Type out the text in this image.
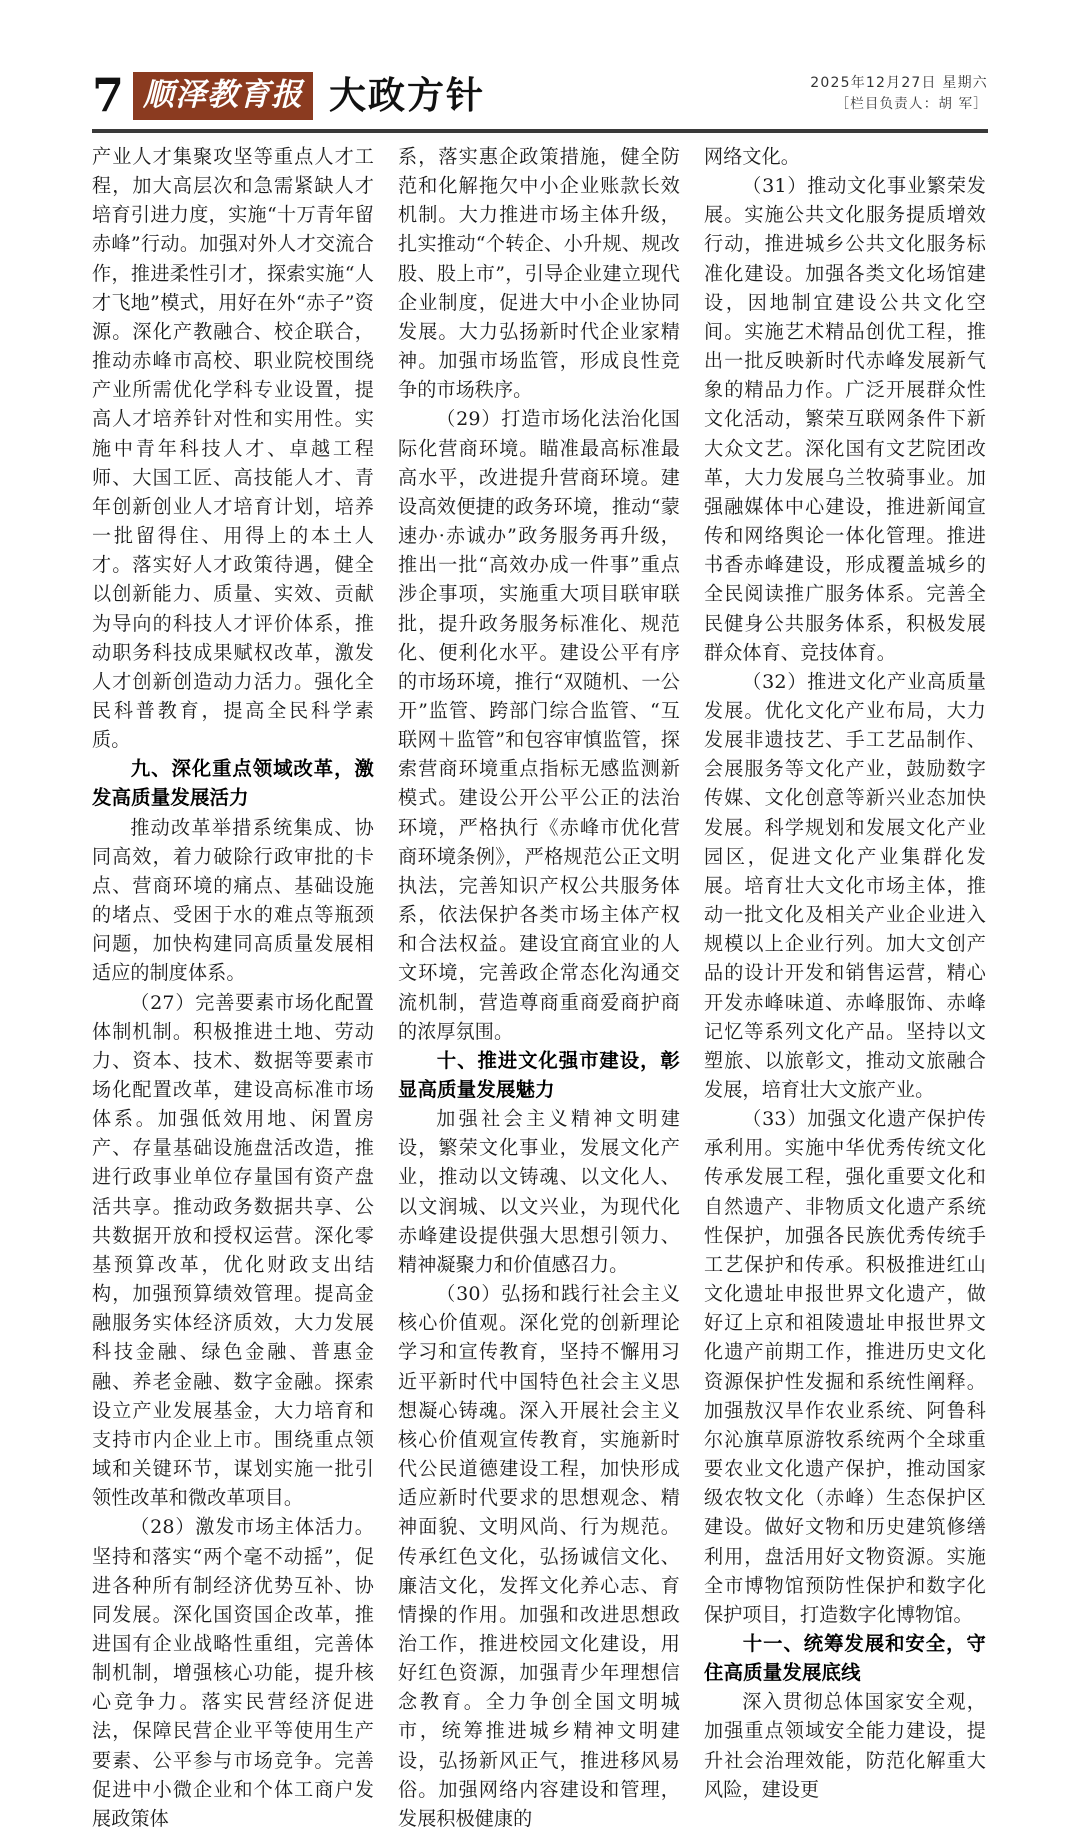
7 顺泽教育报 大政方针	2025年12月27日 星期六
［栏目负责人：胡 军］

产业人才集聚攻坚等重点人才工程，加大高层次和急需紧缺人才培育引进力度，实施“十万青年留赤峰”行动。加强对外人才交流合作，推进柔性引才，探索实施“人才飞地”模式，用好在外“赤子”资源。深化产教融合、校企联合，推动赤峰市高校、职业院校围绕产业所需优化学科专业设置，提高人才培养针对性和实用性。实施中青年科技人才、卓越工程师、大国工匠、高技能人才、青年创新创业人才培育计划，培养一批留得住、用得上的本土人才。落实好人才政策待遇，健全以创新能力、质量、实效、贡献为导向的科技人才评价体系，推动职务科技成果赋权改革，激发人才创新创造动力活力。强化全民科普教育，提高全民科学素质。

九、深化重点领域改革，激发高质量发展活力

推动改革举措系统集成、协同高效，着力破除行政审批的卡点、营商环境的痛点、基础设施的堵点、受困于水的难点等瓶颈问题，加快构建同高质量发展相适应的制度体系。

（27）完善要素市场化配置体制机制。积极推进土地、劳动力、资本、技术、数据等要素市场化配置改革，建设高标准市场体系。加强低效用地、闲置房产、存量基础设施盘活改造，推进行政事业单位存量国有资产盘活共享。推动政务数据共享、公共数据开放和授权运营。深化零基预算改革，优化财政支出结构，加强预算绩效管理。提高金融服务实体经济质效，大力发展科技金融、绿色金融、普惠金融、养老金融、数字金融。探索设立产业发展基金，大力培育和支持市内企业上市。围绕重点领域和关键环节，谋划实施一批引领性改革和微改革项目。

（28）激发市场主体活力。坚持和落实“两个毫不动摇”，促进各种所有制经济优势互补、协同发展。深化国资国企改革，推进国有企业战略性重组，完善体制机制，增强核心功能，提升核心竞争力。落实民营经济促进法，保障民营企业平等使用生产要素、公平参与市场竞争。完善促进中小微企业和个体工商户发展政策体

系，落实惠企政策措施，健全防范和化解拖欠中小企业账款长效机制。大力推进市场主体升级，扎实推动“个转企、小升规、规改股、股上市”，引导企业建立现代企业制度，促进大中小企业协同发展。大力弘扬新时代企业家精神。加强市场监管，形成良性竞争的市场秩序。

（29）打造市场化法治化国际化营商环境。瞄准最高标准最高水平，改进提升营商环境。建设高效便捷的政务环境，推动“蒙速办·赤诚办”政务服务再升级，推出一批“高效办成一件事”重点涉企事项，实施重大项目联审联批，提升政务服务标准化、规范化、便利化水平。建设公平有序的市场环境，推行“双随机、一公开”监管、跨部门综合监管、“互联网＋监管”和包容审慎监管，探索营商环境重点指标无感监测新模式。建设公开公平公正的法治环境，严格执行《赤峰市优化营商环境条例》，严格规范公正文明执法，完善知识产权公共服务体系，依法保护各类市场主体产权和合法权益。建设宜商宜业的人文环境，完善政企常态化沟通交流机制，营造尊商重商爱商护商的浓厚氛围。

十、推进文化强市建设，彰显高质量发展魅力

加强社会主义精神文明建设，繁荣文化事业，发展文化产业，推动以文铸魂、以文化人、以文润城、以文兴业，为现代化赤峰建设提供强大思想引领力、精神凝聚力和价值感召力。

（30）弘扬和践行社会主义核心价值观。深化党的创新理论学习和宣传教育，坚持不懈用习近平新时代中国特色社会主义思想凝心铸魂。深入开展社会主义核心价值观宣传教育，实施新时代公民道德建设工程，加快形成适应新时代要求的思想观念、精神面貌、文明风尚、行为规范。传承红色文化，弘扬诚信文化、廉洁文化，发挥文化养心志、育情操的作用。加强和改进思想政治工作，推进校园文化建设，用好红色资源，加强青少年理想信念教育。全力争创全国文明城市，统筹推进城乡精神文明建设，弘扬新风正气，推进移风易俗。加强网络内容建设和管理，发展积极健康的

网络文化。

（31）推动文化事业繁荣发展。实施公共文化服务提质增效行动，推进城乡公共文化服务标准化建设。加强各类文化场馆建设，因地制宜建设公共文化空间。实施艺术精品创优工程，推出一批反映新时代赤峰发展新气象的精品力作。广泛开展群众性文化活动，繁荣互联网条件下新大众文艺。深化国有文艺院团改革，大力发展乌兰牧骑事业。加强融媒体中心建设，推进新闻宣传和网络舆论一体化管理。推进书香赤峰建设，形成覆盖城乡的全民阅读推广服务体系。完善全民健身公共服务体系，积极发展群众体育、竞技体育。

（32）推进文化产业高质量发展。优化文化产业布局，大力发展非遗技艺、手工艺品制作、会展服务等文化产业，鼓励数字传媒、文化创意等新兴业态加快发展。科学规划和发展文化产业园区，促进文化产业集群化发展。培育壮大文化市场主体，推动一批文化及相关产业企业进入规模以上企业行列。加大文创产品的设计开发和销售运营，精心开发赤峰味道、赤峰服饰、赤峰记忆等系列文化产品。坚持以文塑旅、以旅彰文，推动文旅融合发展，培育壮大文旅产业。

（33）加强文化遗产保护传承利用。实施中华优秀传统文化传承发展工程，强化重要文化和自然遗产、非物质文化遗产系统性保护，加强各民族优秀传统手工艺保护和传承。积极推进红山文化遗址申报世界文化遗产，做好辽上京和祖陵遗址申报世界文化遗产前期工作，推进历史文化资源保护性发掘和系统性阐释。加强敖汉旱作农业系统、阿鲁科尔沁旗草原游牧系统两个全球重要农业文化遗产保护，推动国家级农牧文化（赤峰）生态保护区建设。做好文物和历史建筑修缮利用，盘活用好文物资源。实施全市博物馆预防性保护和数字化保护项目，打造数字化博物馆。

十一、统筹发展和安全，守住高质量发展底线

深入贯彻总体国家安全观，加强重点领域安全能力建设，提升社会治理效能，防范化解重大风险，建设更
